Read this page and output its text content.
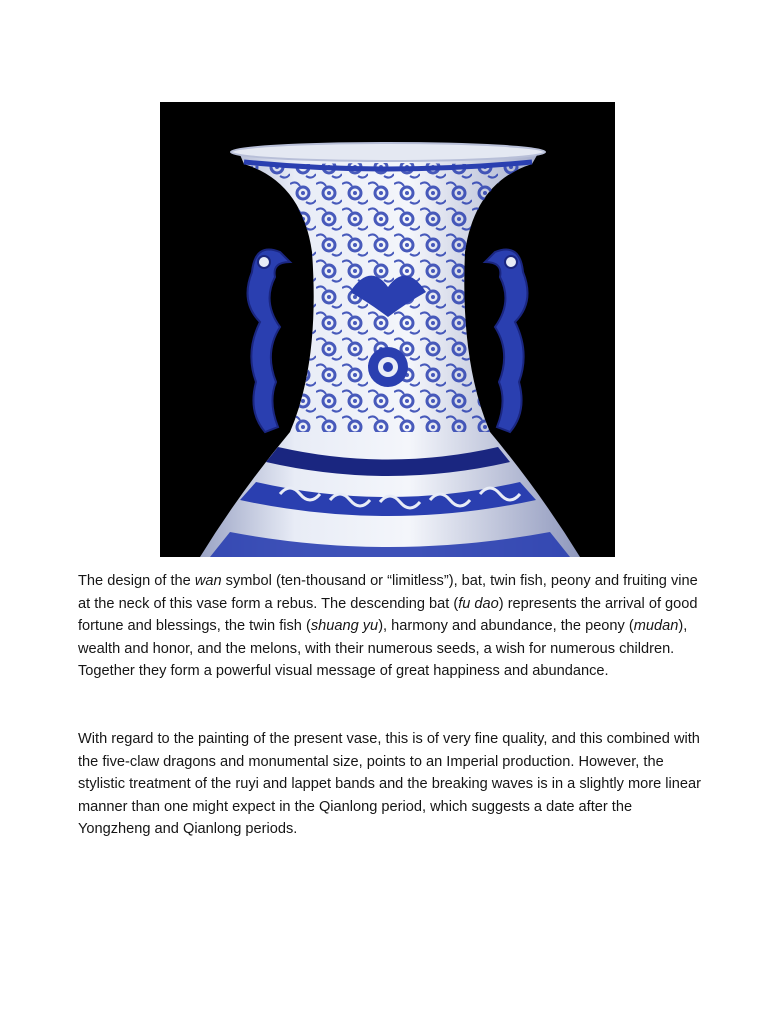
The design of the wan symbol (ten-thousand or “limitless”), bat, twin fish, peony and fruiting vine at the neck of this vase form a rebus. The descending bat (fu dao) represents the arrival of good fortune and blessings, the twin fish (shuang yu), harmony and abundance, the peony (mudan), wealth and honor, and the melons, with their numerous seeds, a wish for numerous children. Together they form a powerful visual message of great happiness and abundance.

With regard to the painting of the present vase, this is of very fine quality, and this combined with the five-claw dragons and monumental size, points to an Imperial production. However, the stylistic treatment of the ruyi and lappet bands and the breaking waves is in a slightly more linear manner than one might expect in the Qianlong period, which suggests a date after the Yongzheng and Qianlong periods.
